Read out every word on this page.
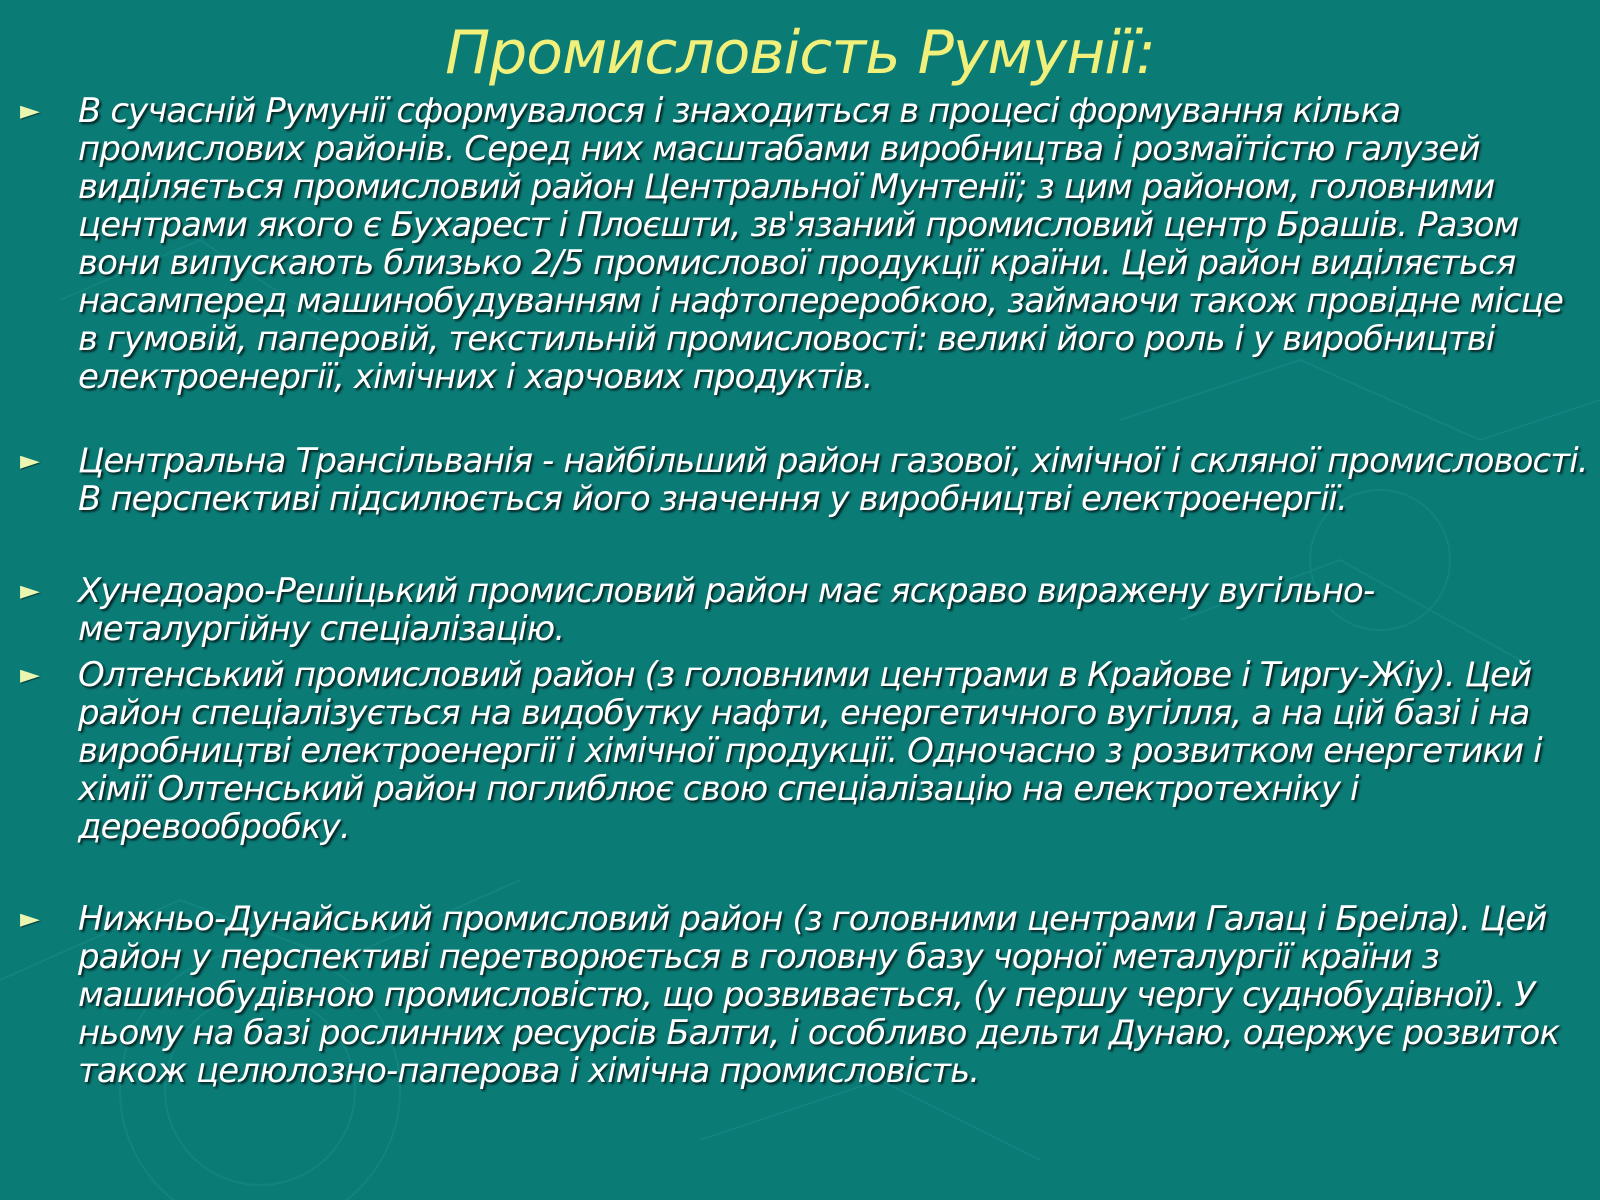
Промисловість Румунії:
► В сучасній Румунії сформувалося і знаходиться в процесі формування кілька промислових районів. Серед них масштабами виробництва і розмаїтістю галузей виділяється промисловий район Центральної Мунтенії; з цим районом, головними центрами якого є Бухарест і Плоєшти, зв'язаний промисловий центр Брашів. Разом вони випускають близько 2/5 промислової продукції країни. Цей район виділяється насамперед машинобудуванням і нафтопереробкою, займаючи також провідне місце в гумовій, паперовій, текстильній промисловості: великі його роль і у виробництві електроенергії, хімічних і харчових продуктів.
► Центральна Трансільванія - найбільший район газової, хімічної і скляної промисловості. В перспективі підсилюється його значення у виробництві електроенергії.
► Хунедоаро-Решіцький промисловий район має яскраво виражену вугільно-металургійну спеціалізацію.
► Олтенський промисловий район (з головними центрами в Крайове і Тиргу-Жіу). Цей район спеціалізується на видобутку нафти, енергетичного вугілля, а на цій базі і на виробництві електроенергії і хімічної продукції. Одночасно з розвитком енергетики і хімії Олтенський район поглиблює свою спеціалізацію на електротехніку і деревообробку.
► Нижньо-Дунайський промисловий район (з головними центрами Галац і Бреіла). Цей район у перспективі перетворюється в головну базу чорної металургії країни з машинобудівною промисловістю, що розвивається, (у першу чергу суднобудівної). У ньому на базі рослинних ресурсів Балти, і особливо дельти Дунаю, одержує розвиток також целюлозно-паперова і хімічна промисловість.
